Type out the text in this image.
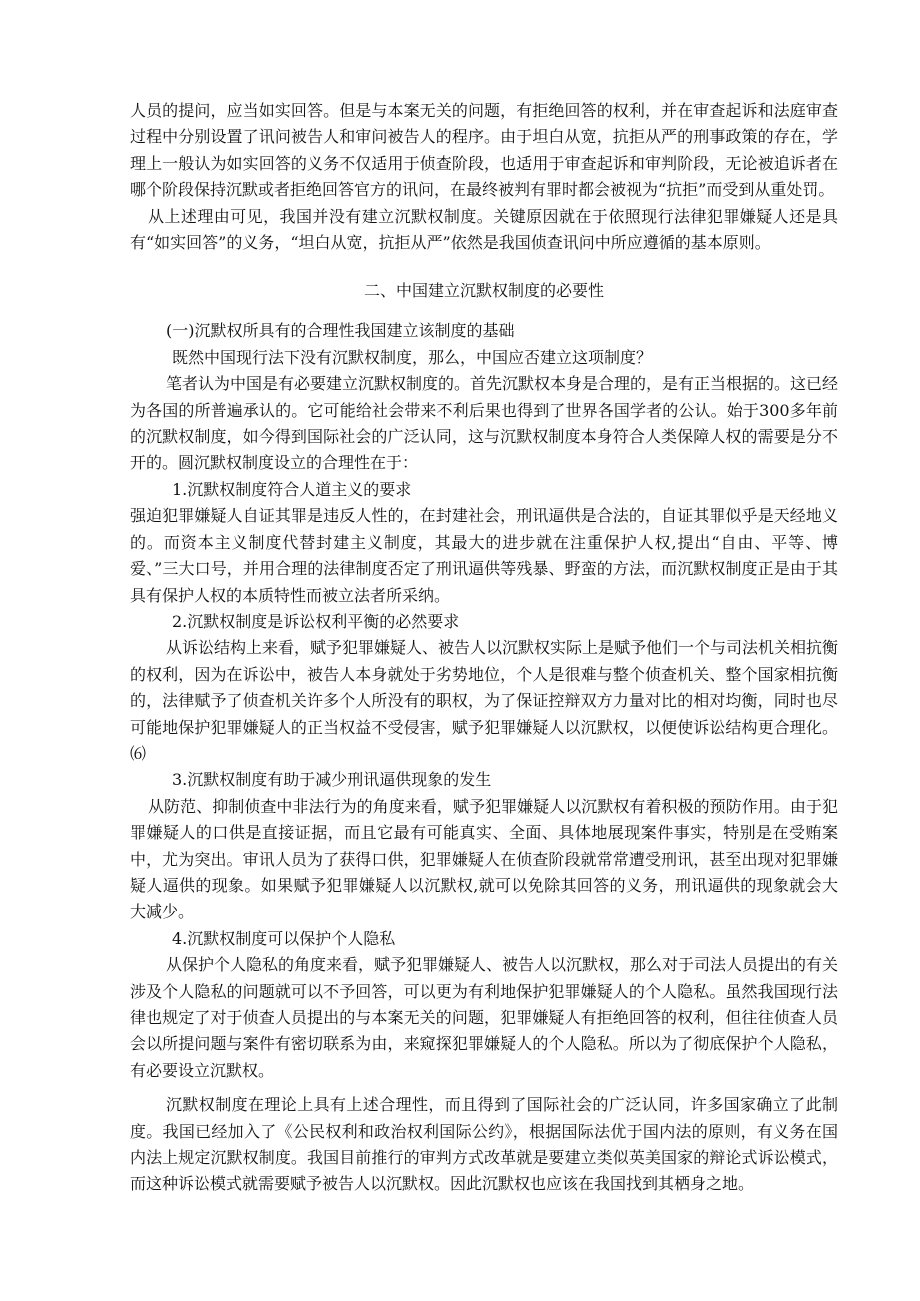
人员的提问，应当如实回答。但是与本案无关的问题，有拒绝回答的权利，并在审查起诉和法庭审查过程中分别设置了讯问被告人和审问被告人的程序。由于坦白从宽，抗拒从严的刑事政策的存在，学理上一般认为如实回答的义务不仅适用于侦查阶段，也适用于审查起诉和审判阶段，无论被追诉者在哪个阶段保持沉默或者拒绝回答官方的讯问，在最终被判有罪时都会被视为“抗拒”而受到从重处罚。

从上述理由可见，我国并没有建立沉默权制度。关键原因就在于依照现行法律犯罪嫌疑人还是具有“如实回答”的义务，“坦白从宽，抗拒从严”依然是我国侦查讯问中所应遵循的基本原则。

二、中国建立沉默权制度的必要性

(一)沉默权所具有的合理性我国建立该制度的基础

既然中国现行法下没有沉默权制度，那么，中国应否建立这项制度？

笔者认为中国是有必要建立沉默权制度的。首先沉默权本身是合理的，是有正当根据的。这已经为各国的所普遍承认的。它可能给社会带来不利后果也得到了世界各国学者的公认。始于300多年前的沉默权制度，如今得到国际社会的广泛认同，这与沉默权制度本身符合人类保障人权的需要是分不开的。圆沉默权制度设立的合理性在于：

1.沉默权制度符合人道主义的要求

强迫犯罪嫌疑人自证其罪是违反人性的，在封建社会，刑讯逼供是合法的，自证其罪似乎是天经地义的。而资本主义制度代替封建主义制度，其最大的进步就在注重保护人权,提出“自由、平等、博爱、”三大口号，并用合理的法律制度否定了刑讯逼供等残暴、野蛮的方法，而沉默权制度正是由于其具有保护人权的本质特性而被立法者所采纳。

2.沉默权制度是诉讼权利平衡的必然要求

从诉讼结构上来看，赋予犯罪嫌疑人、被告人以沉默权实际上是赋予他们一个与司法机关相抗衡的权利，因为在诉讼中，被告人本身就处于劣势地位，个人是很难与整个侦查机关、整个国家相抗衡的，法律赋予了侦查机关许多个人所没有的职权，为了保证控辩双方力量对比的相对均衡，同时也尽可能地保护犯罪嫌疑人的正当权益不受侵害，赋予犯罪嫌疑人以沉默权，以便使诉讼结构更合理化。⑹

3.沉默权制度有助于减少刑讯逼供现象的发生

从防范、抑制侦查中非法行为的角度来看，赋予犯罪嫌疑人以沉默权有着积极的预防作用。由于犯罪嫌疑人的口供是直接证据，而且它最有可能真实、全面、具体地展现案件事实，特别是在受贿案中，尤为突出。审讯人员为了获得口供，犯罪嫌疑人在侦查阶段就常常遭受刑讯，甚至出现对犯罪嫌疑人逼供的现象。如果赋予犯罪嫌疑人以沉默权,就可以免除其回答的义务，刑讯逼供的现象就会大大减少。

4.沉默权制度可以保护个人隐私

从保护个人隐私的角度来看，赋予犯罪嫌疑人、被告人以沉默权，那么对于司法人员提出的有关涉及个人隐私的问题就可以不予回答，可以更为有利地保护犯罪嫌疑人的个人隐私。虽然我国现行法律也规定了对于侦查人员提出的与本案无关的问题，犯罪嫌疑人有拒绝回答的权利，但往往侦查人员会以所提问题与案件有密切联系为由，来窥探犯罪嫌疑人的个人隐私。所以为了彻底保护个人隐私，有必要设立沉默权。

沉默权制度在理论上具有上述合理性，而且得到了国际社会的广泛认同，许多国家确立了此制度。我国已经加入了《公民权利和政治权利国际公约》，根据国际法优于国内法的原则，有义务在国内法上规定沉默权制度。我国目前推行的审判方式改革就是要建立类似英美国家的辩论式诉讼模式，而这种诉讼模式就需要赋予被告人以沉默权。因此沉默权也应该在我国找到其栖身之地。
